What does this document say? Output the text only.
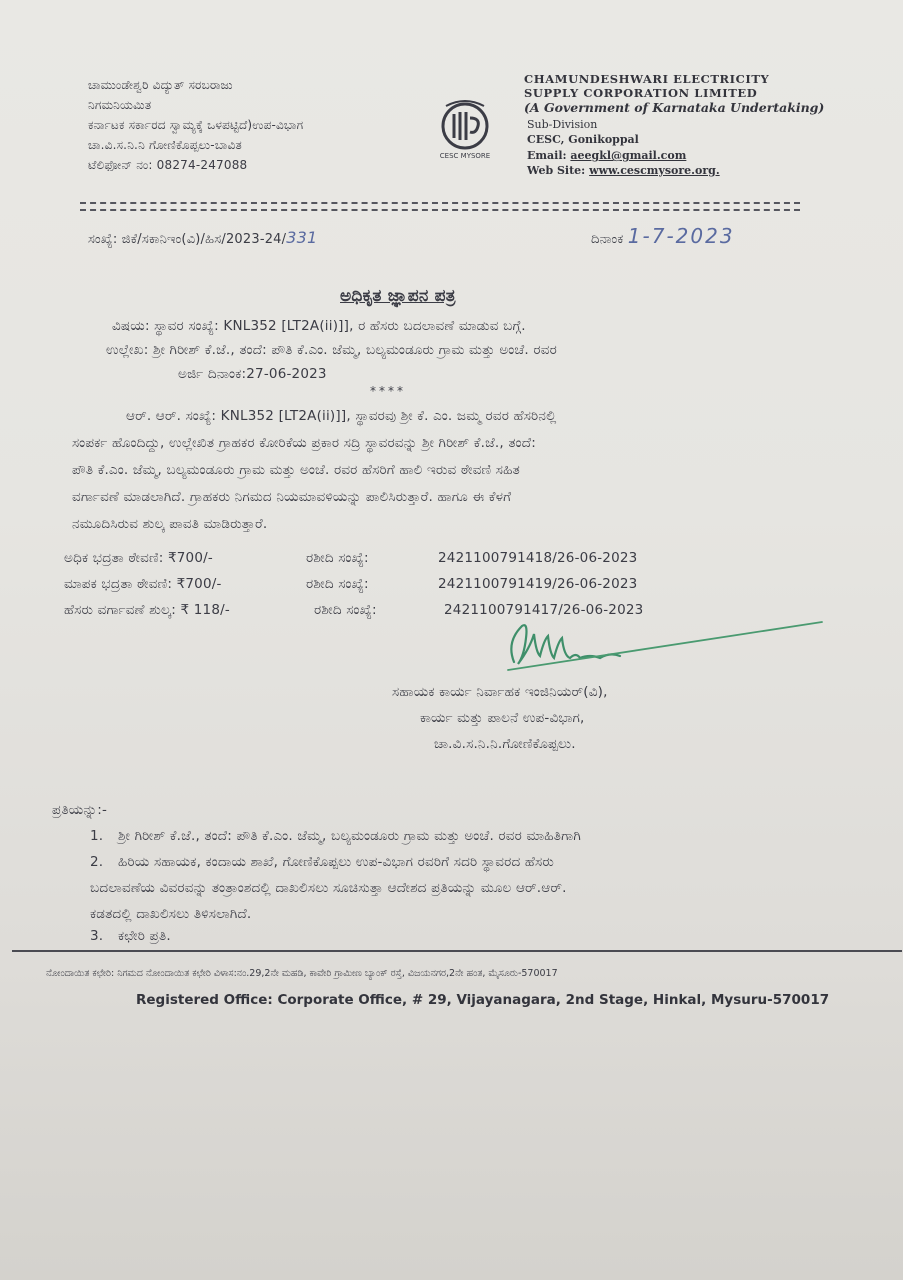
ಚಾಮುಂಡೇಶ್ವರಿ ವಿದ್ಯುತ್ ಸರಬರಾಜು
ನಿಗಮನಿಯಮಿತ
ಕರ್ನಾಟಕ ಸರ್ಕಾರದ ಸ್ವಾಮ್ಯಕ್ಕೆ ಒಳಪಟ್ಟಿದೆ)ಉಪ-ವಿಭಾಗ
ಚಾ.ವಿ.ಸ.ನಿ.ನಿ ಗೋಣಿಕೊಪ್ಪಲು-ಬಾವಿತ
ಟೆಲಿಫೋನ್ ನಂ: 08274-247088
CESC MYSORE
CHAMUNDESHWARI ELECTRICITY
SUPPLY CORPORATION LIMITED
(A Government of Karnataka Undertaking)
Sub-Division
CESC, Gonikoppal
Email: aeegkl@gmail.com
Web Site: www.cescmysore.org.
ಸಂಖ್ಯೆ: ಜಿಕೆ/ಸಕಾನಿಇಂ(ವಿ)/ಹಿಸ/2023-24/331	ದಿನಾಂಕ 1-7-2023
ಅಧಿಕೃತ ಜ್ಞಾಪನ ಪತ್ರ
ವಿಷಯ: ಸ್ಥಾವರ ಸಂಖ್ಯೆ: KNL352 [LT2A(ii)]], ರ ಹೆಸರು ಬದಲಾವಣೆ ಮಾಡುವ ಬಗ್ಗೆ.
ಉಲ್ಲೇಖ: ಶ್ರೀ ಗಿರೀಶ್ ಕೆ.ಜೆ., ತಂದೆ: ಪೌತಿ ಕೆ.ಎಂ. ಜೆಮ್ಮ, ಬಲ್ಯಮಂಡೂರು ಗ್ರಾಮ ಮತ್ತು ಅಂಚೆ. ರವರ
ಅರ್ಜಿ ದಿನಾಂಕ:27-06-2023
****
ಆರ್. ಆರ್. ಸಂಖ್ಯೆ: KNL352 [LT2A(ii)]], ಸ್ಥಾವರವು ಶ್ರೀ ಕೆ. ಎಂ. ಜಮ್ಮ ರವರ ಹೆಸರಿನಲ್ಲಿ
ಸಂಪರ್ಕ ಹೊಂದಿದ್ದು, ಉಲ್ಲೇಖಿತ ಗ್ರಾಹಕರ ಕೋರಿಕೆಯ ಪ್ರಕಾರ ಸದ್ರಿ ಸ್ಥಾವರವನ್ನು ಶ್ರೀ ಗಿರೀಶ್ ಕೆ.ಜೆ., ತಂದೆ:
ಪೌತಿ ಕೆ.ಎಂ. ಜೆಮ್ಮ, ಬಲ್ಯಮಂಡೂರು ಗ್ರಾಮ ಮತ್ತು ಅಂಚೆ. ರವರ ಹೆಸರಿಗೆ ಹಾಲಿ ಇರುವ ಠೇವಣಿ ಸಹಿತ
ವರ್ಗಾವಣೆ ಮಾಡಲಾಗಿದೆ. ಗ್ರಾಹಕರು ನಿಗಮದ ನಿಯಮಾವಳಿಯನ್ನು ಪಾಲಿಸಿರುತ್ತಾರೆ. ಹಾಗೂ ಈ ಕೆಳಗೆ
ನಮೂದಿಸಿರುವ ಶುಲ್ಕ ಪಾವತಿ ಮಾಡಿರುತ್ತಾರೆ.
ಅಧಿಕ ಭದ್ರತಾ ಠೇವಣಿ: ₹700/-	ರಶೀದಿ ಸಂಖ್ಯೆ:	2421100791418/26-06-2023
ಮಾಪಕ ಭದ್ರತಾ ಠೇವಣಿ: ₹700/-	ರಶೀದಿ ಸಂಖ್ಯೆ:	2421100791419/26-06-2023
ಹೆಸರು ವರ್ಗಾವಣೆ ಶುಲ್ಕ: ₹ 118/-	ರಶೀದಿ ಸಂಖ್ಯೆ:	2421100791417/26-06-2023
ಸಹಾಯಕ ಕಾರ್ಯ ನಿರ್ವಾಹಕ ಇಂಜಿನಿಯರ್(ವಿ),
ಕಾರ್ಯ ಮತ್ತು ಪಾಲನೆ ಉಪ-ವಿಭಾಗ,
ಚಾ.ವಿ.ಸ.ನಿ.ನಿ.ಗೋಣಿಕೊಪ್ಪಲು.
ಪ್ರತಿಯನ್ನು:-
1. ಶ್ರೀ ಗಿರೀಶ್ ಕೆ.ಜೆ., ತಂದೆ: ಪೌತಿ ಕೆ.ಎಂ. ಜೆಮ್ಮ, ಬಲ್ಯಮಂಡೂರು ಗ್ರಾಮ ಮತ್ತು ಅಂಚೆ. ರವರ ಮಾಹಿತಿಗಾಗಿ
2. ಹಿರಿಯ ಸಹಾಯಕ, ಕಂದಾಯ ಶಾಖೆ, ಗೋಣಿಕೊಪ್ಪಲು ಉಪ-ವಿಭಾಗ ರವರಿಗೆ ಸದರಿ ಸ್ಥಾವರದ ಹೆಸರು
ಬದಲಾವಣೆಯ ವಿವರವನ್ನು ತಂತ್ರಾಂಶದಲ್ಲಿ ದಾಖಲಿಸಲು ಸೂಚಿಸುತ್ತಾ ಆದೇಶದ ಪ್ರತಿಯನ್ನು ಮೂಲ ಆರ್.ಆರ್.
ಕಡತದಲ್ಲಿ ದಾಖಲಿಸಲು ತಿಳಿಸಲಾಗಿದೆ.
3. ಕಛೇರಿ ಪ್ರತಿ.
ನೋಂದಾಯಿತ ಕಛೇರಿ: ನಿಗಮದ ನೋಂದಾಯಿತ ಕಛೇರಿ ವಿಳಾಸ:ನಂ.29,2ನೇ ಮಹಡಿ, ಕಾವೇರಿ ಗ್ರಾಮೀಣ ಬ್ಯಾಂಕ್ ರಸ್ತೆ, ವಿಜಯನಗರ,2ನೇ ಹಂತ, ಮೈಸೂರು-570017
Registered Office: Corporate Office, # 29, Vijayanagara, 2nd Stage, Hinkal, Mysuru-570017
